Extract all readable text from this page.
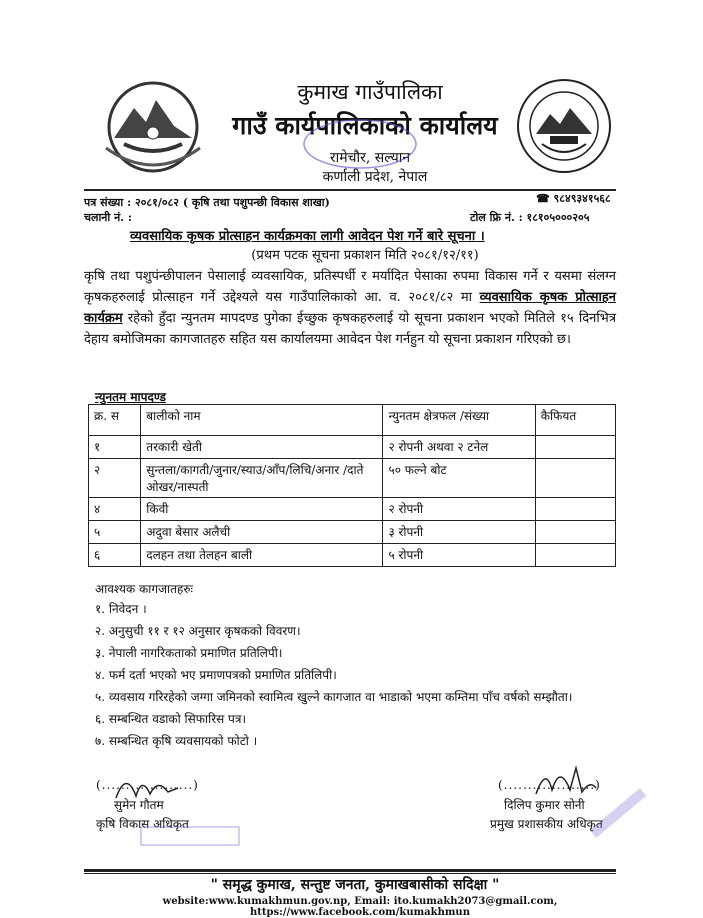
कुमाख गाउँपालिका
गाउँ कार्यपालिकाको कार्यालय
रामेचौर, सल्यान
कर्णाली प्रदेश, नेपाल
पत्र संख्या : २०८१/०८२ ( कृषि तथा पशुपन्छी विकास शाखा)
चलानी नं. :
☎ ९८४९३४१५६८
टोल फ्रि नं. : १८१०५०००२०५
व्यवसायिक कृषक प्रोत्साहन कार्यक्रमका लागी आवेदन पेश गर्ने बारे सूचना ।
(प्रथम पटक सूचना प्रकाशन मिति २०८१/१२/११)
कृषि तथा पशुपंन्छीपालन पेसालाई व्यवसायिक, प्रतिस्पर्धी र मर्यादित पेसाका रुपमा विकास गर्ने र यसमा संलग्न कृषकहरुलाई प्रोत्साहन गर्ने उद्देश्यले यस गाउँपालिकाको आ. व. २०८१/८२ मा व्यवसायिक कृषक प्रोत्साहन कार्यक्रम रहेको हुँदा न्युनतम मापदण्ड पुगेका ईच्छुक कृषकहरुलाई यो सूचना प्रकाशन भएको मितिले १५ दिनभित्र देहाय बमोजिमका कागजातहरु सहित यस कार्यालयमा आवेदन पेश गर्नहुन यो सूचना प्रकाशन गरिएको छ।
न्युनतम मापदण्ड
क्र. स	बालीको नाम	न्युनतम क्षेत्रफल /संख्या	कैफियत
१	तरकारी खेती	२ रोपनी अथवा २ टनेल	
२	सुन्तला/कागती/जुनार/स्याउ/आँप/लिचि/अनार /दाते ओखर/नास्पती	५० फल्ने बोट	
४	किवी	२ रोपनी	
५	अदुवा बेसार अलैची	३ रोपनी	
६	दलहन तथा तेलहन बाली	५ रोपनी	
आवश्यक कागजातहरुः
१. निवेदन ।
२. अनुसुची ११ र १२ अनुसार कृषकको विवरण।
३. नेपाली नागरिकताको प्रमाणित प्रतिलिपी।
४. फर्म दर्ता भएको भए प्रमाणपत्रको प्रमाणित प्रतिलिपी।
५. व्यवसाय गरिरहेको जग्गा जमिनको स्वामित्व खुल्ने कागजात वा भाडाको भएमा कम्तिमा पाँच वर्षको सम्झौता।
६. सम्बन्धित वडाको सिफारिस पत्र।
७. सम्बन्धित कृषि व्यवसायको फोटो ।
(...................)
सुमेन गौतम
कृषि विकास अधिकृत
(...................)
दिलिप कुमार सोनी
प्रमुख प्रशासकीय अधिकृत
" समृद्ध कुमाख, सन्तुष्ट जनता, कुमाखबासीको सदिक्षा "
website:www.kumakhmun.gov.np, Email: ito.kumakh2073@gmail.com, https://www.facebook.com/kumakhmun
